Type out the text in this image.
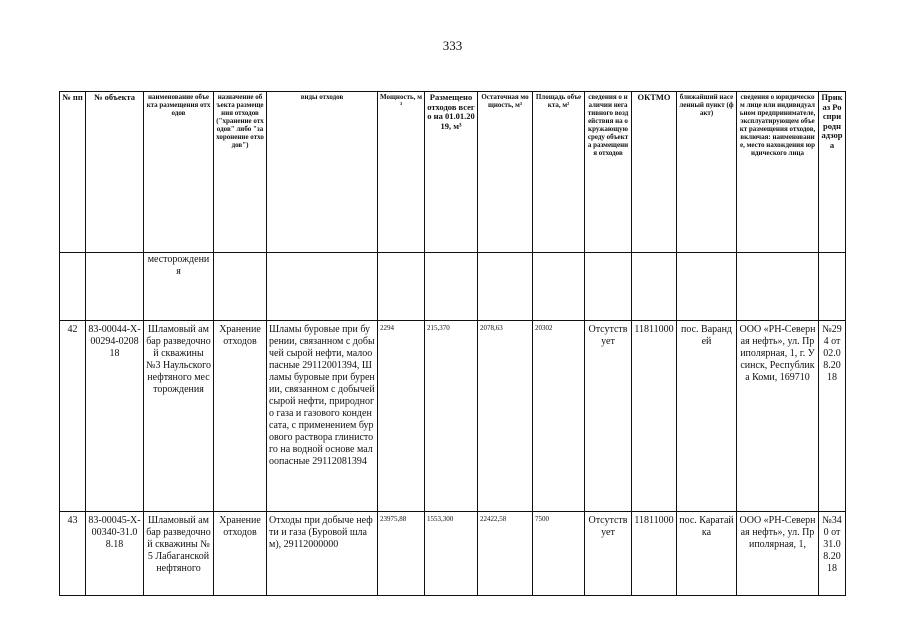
333
№ пп	№ объекта	наименование объекта размещения отходов	назначение объекта размещения отходов ("хранение отходов" либо "захоронение отходов")	виды отходов	Мощность, м³	Размещено отходов всего на 01.01.2019, м³	Остаточная мощность, м³	Площадь объекта, м²	сведения о наличии негативного воздействия на окружающую среду объекта размещения отходов	ОКТМО	ближайший населенный пункт (факт)	сведения о юридическом лице или индивидуальном предпринимателе, эксплуатирующем объект размещения отходов, включая: наименование, место нахождения юридического лица	Приказ Росприроднадзора
		месторождения											
42	83-00044-Х-00294-020818	Шламовый амбар разведочной скважины №3 Наульского нефтяного месторождения	Хранение отходов	Шламы буровые при бурении, связанном с добычей сырой нефти, малоопасные 29112001394, Шламы буровые при бурении, связанном с добычей сырой нефти, природного газа и газового конденсата, с применением бурового раствора глинистого на водной основе малоопасные 29112081394	2294	215,370	2078,63	20302	Отсутствует	11811000	пос. Варандей	ООО «РН-Северная нефть», ул. Приполярная, 1, г. Усинск, Республика Коми, 169710	№294 от 02.08.2018
43	83-00045-Х-00340-31.08.18	Шламовый амбар разведочной скважины № 5 Лабаганской нефтяного	Хранение отходов	Отходы при добыче нефти и газа (Буровой шлам), 29112000000	23975,88	1553,300	22422,58	7500	Отсутствует	11811000	пос. Каратайка	ООО «РН-Северная нефть», ул. Приполярная, 1,	№340 от 31.08.2018
